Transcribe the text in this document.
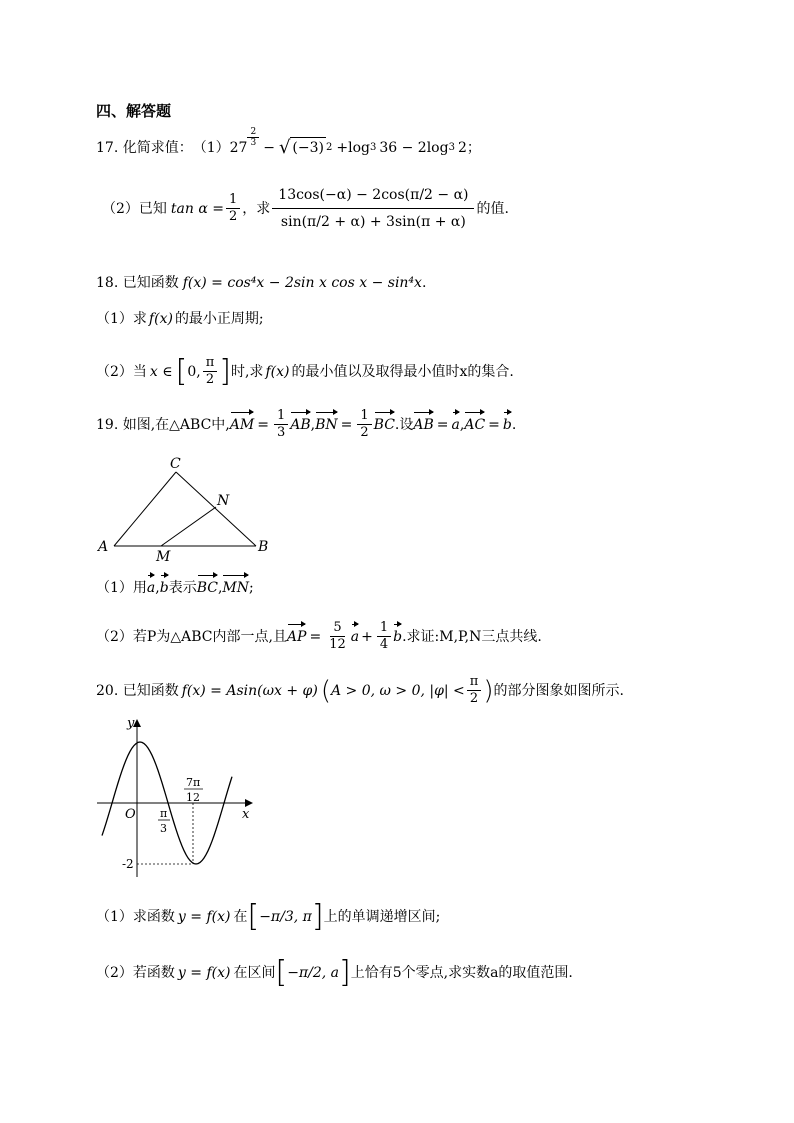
四、解答题
17.
化简求值： （1） $27 \frac{2}{3}$ − √ (−3) 2 +log 3 36 − 2log 3 2；
（2）已知 $\tan \alpha = \frac{1}{2}$ ，求 $\frac{13\cos(-\alpha) - 2\cos(\pi/2 - \alpha)}{\sin(\pi/2 + \alpha) + 3\sin(\pi + \alpha)}$ 的值.
18.
已知函数 f(x) = cos⁴x − 2sin x cos x − sin⁴x .
（1）求 f(x) 的最小正周期;
（2）当 x ∈ [ 0, $\frac{\pi}{2}$ ] 时,求 f(x) 的最小值以及取得最小值时x的集合.
19.
如图,在△ABC中, AM = $\frac{1}{3}$ AB , BN = $\frac{1}{2}$ BC .设 AB = a , AC = b .
A	B
C
M
N
（1）用 a , b 表示 BC , MN ;
（2）若P为△ABC内部一点,且 AP = $\frac{5}{12}$ $a + \frac{1}{4}$ b .求证:M,P,N三点共线.
20.
已知函数 f(x) = Asin(ωx + φ) ( A > 0, ω > 0, $|\varphi| < \frac{\pi}{2}$ ) 的部分图象如图所示.
y
x
O
-2
π
3
7π
12
（1）求函数 y = f(x) 在 [ −π/3, π ] 上的单调递增区间;
（2）若函数 y = f(x) 在区间 [ −π/2, a ] 上恰有5个零点,求实数a的取值范围.
